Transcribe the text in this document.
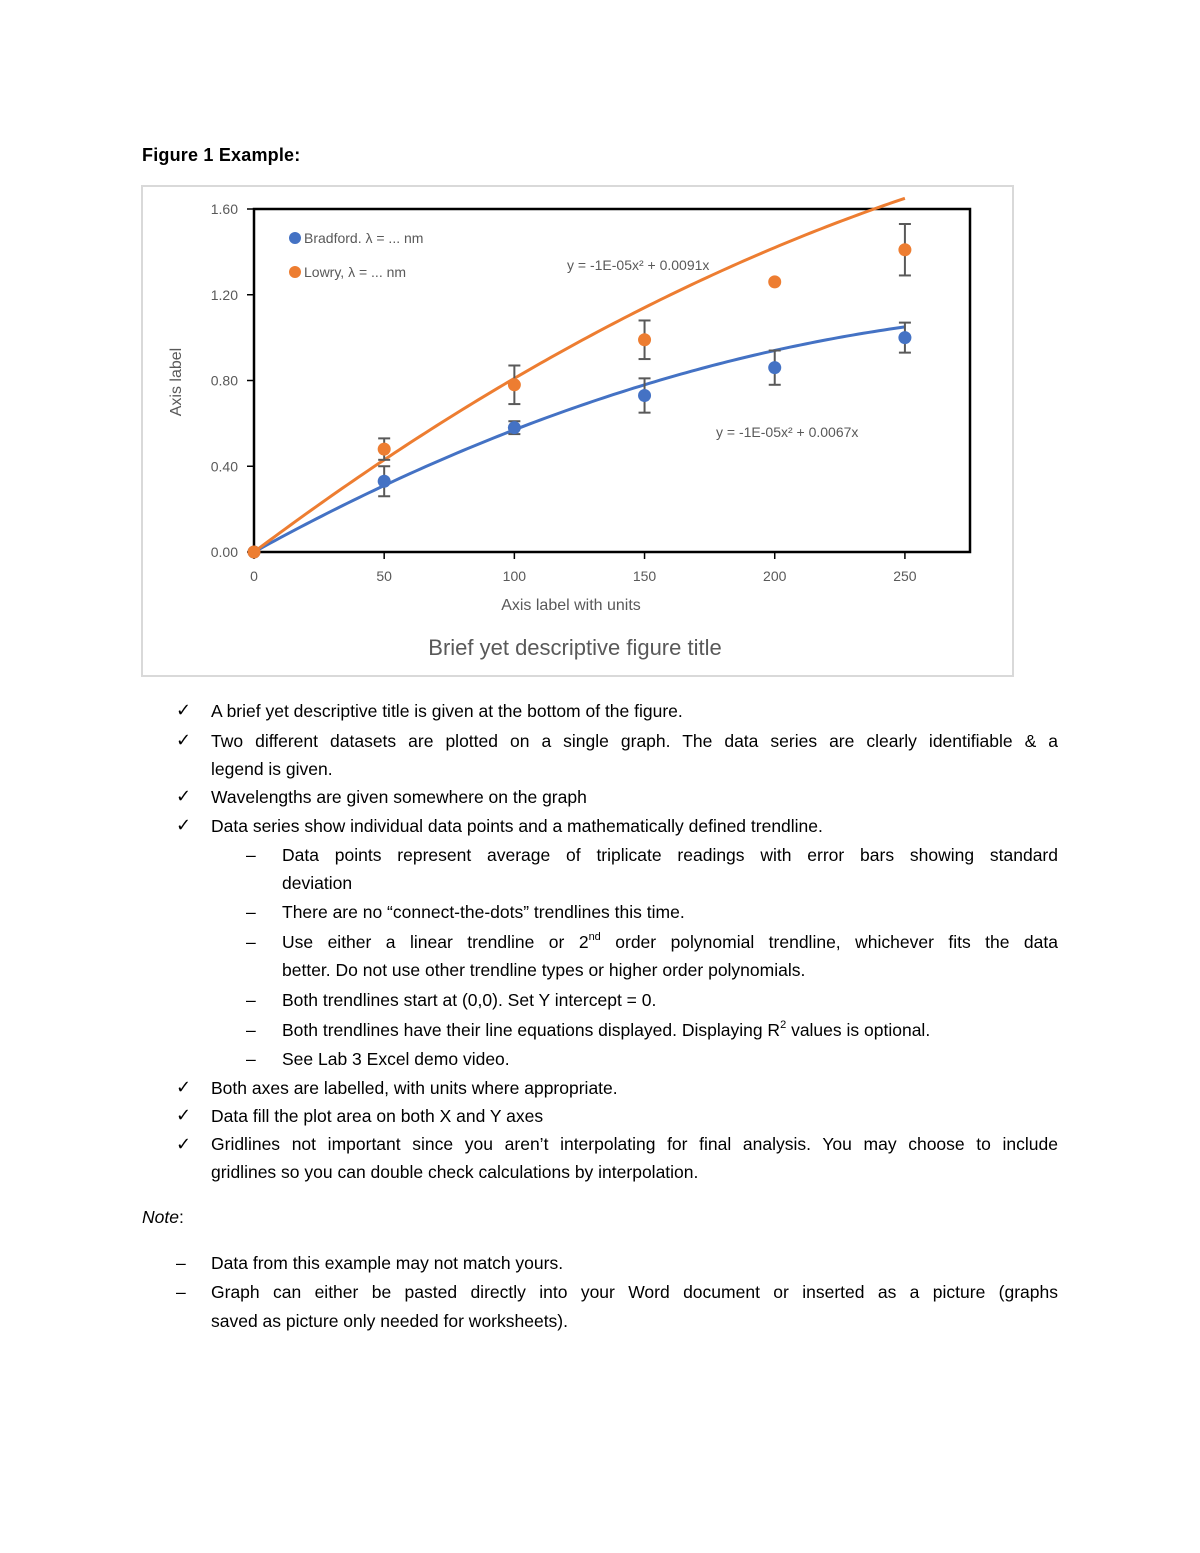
Figure 1 Example:
0.00
0.40
0.80
1.20
1.60
0	50	100	150	200	250
Axis label
Axis label with units
Brief yet descriptive figure title
Bradford. λ = ... nm
Lowry, λ = ... nm	y = -1E-05x² + 0.0091x
y = -1E-05x² + 0.0067x
✓ A brief yet descriptive title is given at the bottom of the figure.
✓ Two different datasets are plotted on a single graph. The data series are clearly identifiable & a
legend is given.
✓ Wavelengths are given somewhere on the graph
✓ Data series show individual data points and a mathematically defined trendline.
– Data points represent average of triplicate readings with error bars showing standard
deviation
– There are no “connect-the-dots” trendlines this time.
– Use either a linear trendline or 2nd order polynomial trendline, whichever fits the data
better. Do not use other trendline types or higher order polynomials.
– Both trendlines start at (0,0). Set Y intercept = 0.
– Both trendlines have their line equations displayed. Displaying $R^2$ values is optional.
– See Lab 3 Excel demo video.
✓ Both axes are labelled, with units where appropriate.
✓ Data fill the plot area on both X and Y axes
✓ Gridlines not important since you aren’t interpolating for final analysis. You may choose to include
gridlines so you can double check calculations by interpolation.
Note:
– Data from this example may not match yours.
– Graph can either be pasted directly into your Word document or inserted as a picture (graphs
saved as picture only needed for worksheets).
